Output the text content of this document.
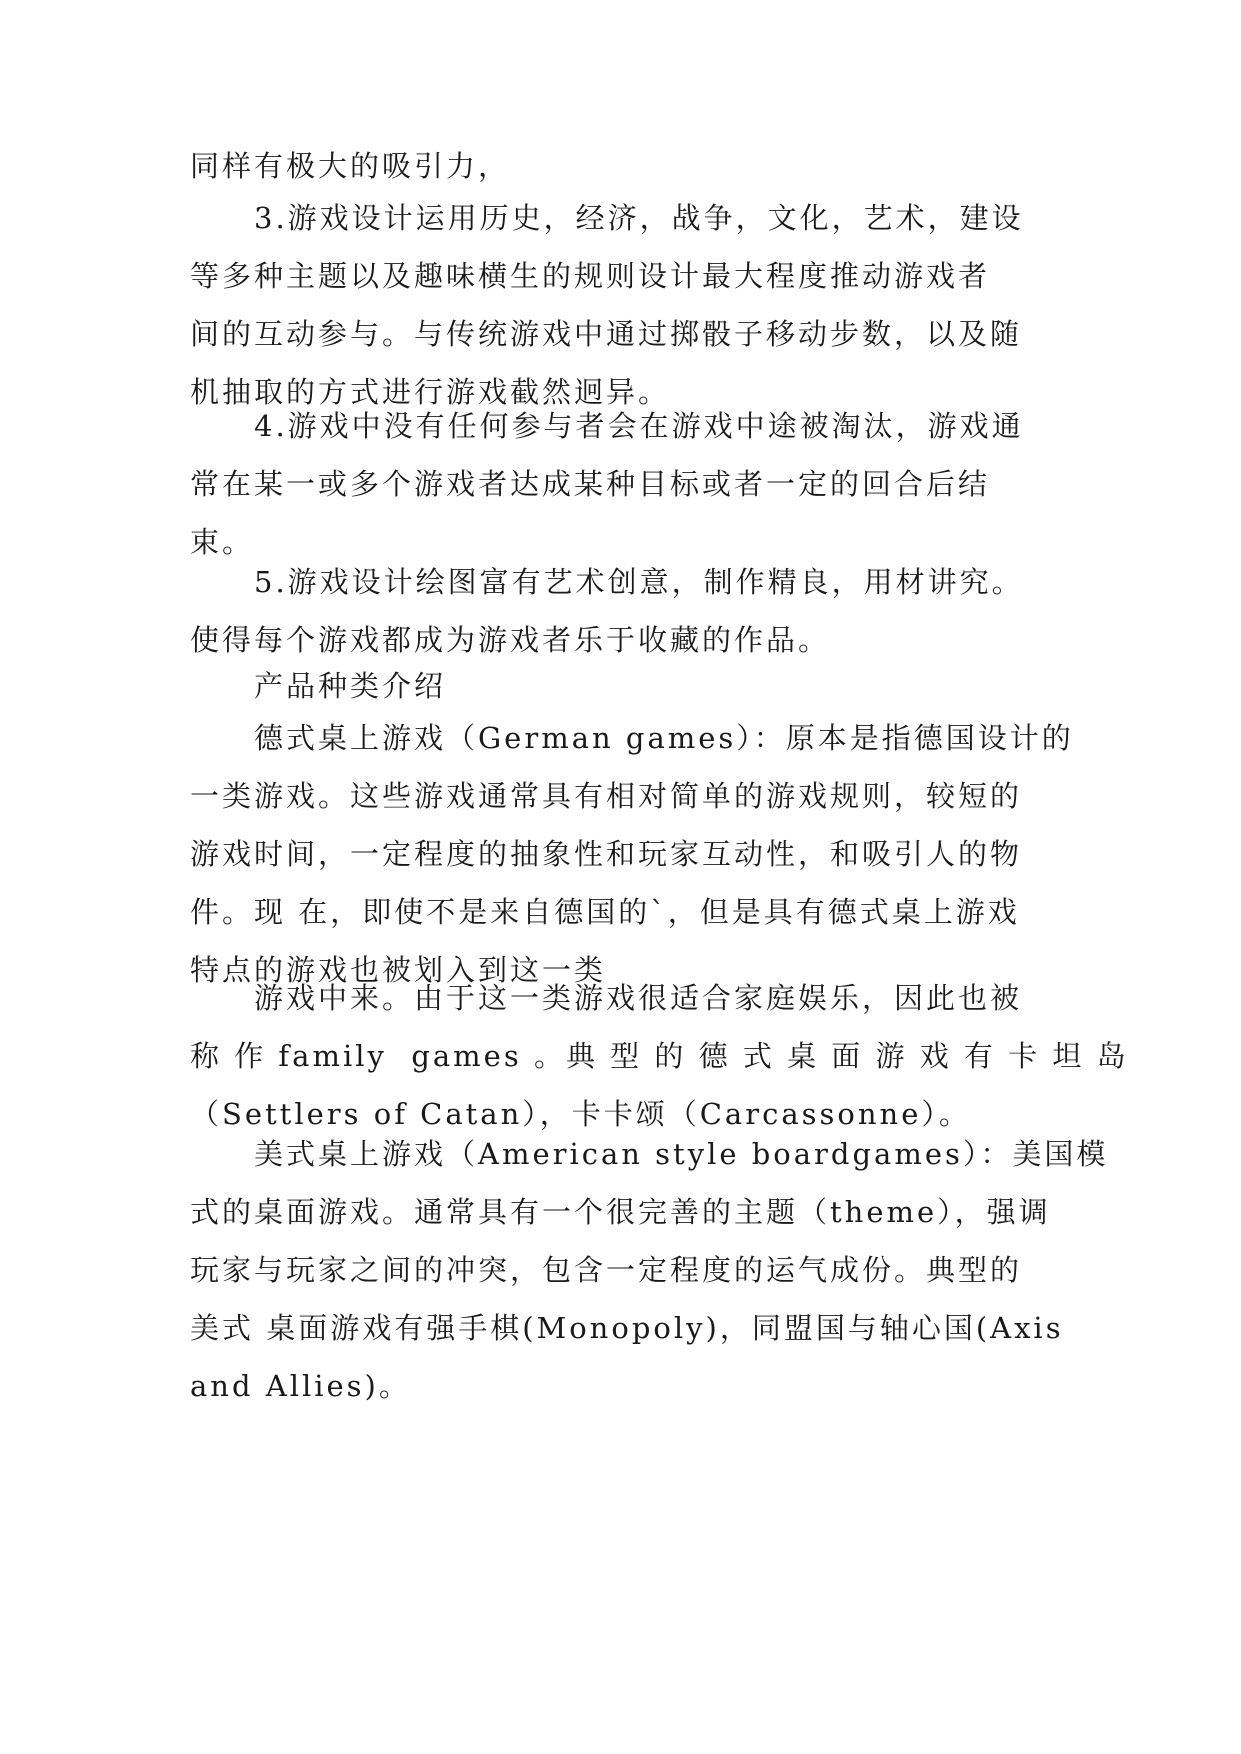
同样有极大的吸引力，
3.游戏设计运用历史，经济，战争，文化，艺术，建设
等多种主题以及趣味横生的规则设计最大程度推动游戏者
间的互动参与。与传统游戏中通过掷骰子移动步数，以及随
机抽取的方式进行游戏截然迥异。
4.游戏中没有任何参与者会在游戏中途被淘汰，游戏通
常在某一或多个游戏者达成某种目标或者一定的回合后结
束。
5.游戏设计绘图富有艺术创意，制作精良，用材讲究。
使得每个游戏都成为游戏者乐于收藏的作品。
产品种类介绍
德式桌上游戏（German games）：原本是指德国设计的
一类游戏。这些游戏通常具有相对简单的游戏规则，较短的
游戏时间，一定程度的抽象性和玩家互动性，和吸引人的物
件。现 在，即使不是来自德国的`，但是具有德式桌上游戏
特点的游戏也被划入到这一类
游戏中来。由于这一类游戏很适合家庭娱乐，因此也被
称 作 family  games 。典 型 的 德 式 桌 面 游 戏 有 卡 坦 岛
（Settlers of Catan），卡卡颂（Carcassonne）。
美式桌上游戏（American style boardgames）：美国模
式的桌面游戏。通常具有一个很完善的主题（theme），强调
玩家与玩家之间的冲突，包含一定程度的运气成份。典型的
美式 桌面游戏有强手棋(Monopoly)，同盟国与轴心国(Axis
and Allies)。
